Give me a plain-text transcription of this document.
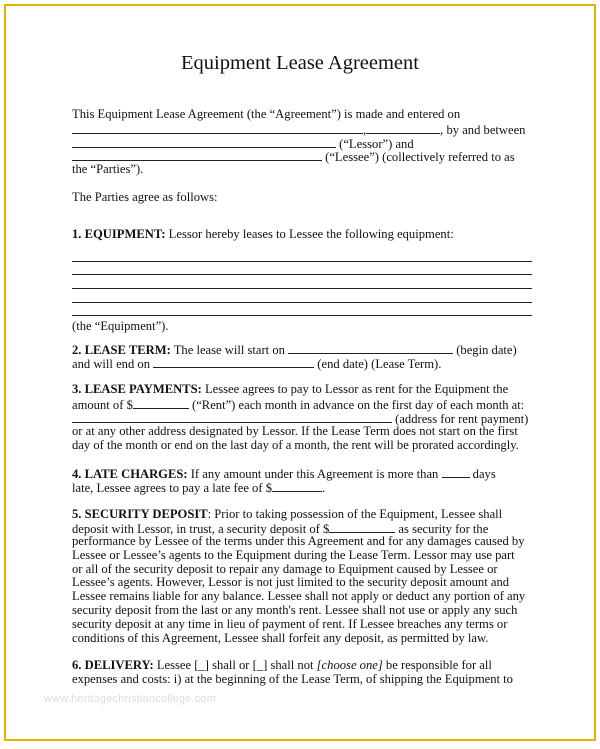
Equipment Lease Agreement
This Equipment Lease Agreement (the “Agreement”) is made and entered on
,	, by and between
(“Lessor”) and
(“Lessee”) (collectively referred to as
the “Parties”).
The Parties agree as follows:
1. EQUIPMENT: Lessor hereby leases to Lessee the following equipment:
(the “Equipment”).
2. LEASE TERM: The lease will start on	(begin date)
and will end on	(end date) (Lease Term).
3. LEASE PAYMENTS: Lessee agrees to pay to Lessor as rent for the Equipment the
amount of $	(“Rent”) each month in advance on the first day of each month at:
(address for rent payment)
or at any other address designated by Lessor. If the Lease Term does not start on the first
day of the month or end on the last day of a month, the rent will be prorated accordingly.
4. LATE CHARGES: If any amount under this Agreement is more than  days
late, Lessee agrees to pay a late fee of $	.
5. SECURITY DEPOSIT: Prior to taking possession of the Equipment, Lessee shall
deposit with Lessor, in trust, a security deposit of $	as security for the
performance by Lessee of the terms under this Agreement and for any damages caused by
Lessee or Lessee’s agents to the Equipment during the Lease Term. Lessor may use part
or all of the security deposit to repair any damage to Equipment caused by Lessee or
Lessee’s agents. However, Lessor is not just limited to the security deposit amount and
Lessee remains liable for any balance. Lessee shall not apply or deduct any portion of any
security deposit from the last or any month's rent. Lessee shall not use or apply any such
security deposit at any time in lieu of payment of rent. If Lessee breaches any terms or
conditions of this Agreement, Lessee shall forfeit any deposit, as permitted by law.
6. DELIVERY: Lessee [_] shall or [_] shall not [choose one] be responsible for all
expenses and costs: i) at the beginning of the Lease Term, of shipping the Equipment to
www.heritagechristiancollege.com
